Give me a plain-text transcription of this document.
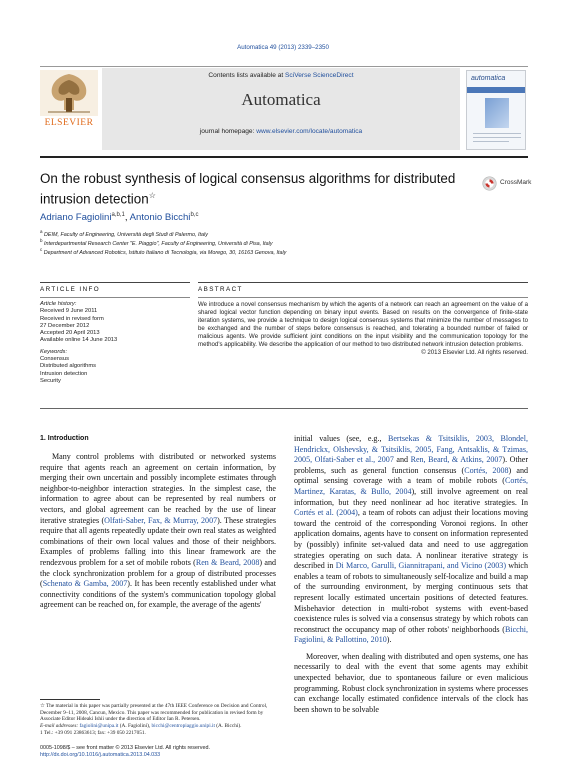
Automatica 49 (2013) 2339–2350
ELSEVIER
Contents lists available at SciVerse ScienceDirect
Automatica
journal homepage: www.elsevier.com/locate/automatica
automatica
On the robust synthesis of logical consensus algorithms for distributed intrusion detection☆
CrossMark
Adriano Fagiolini$^{a,b,1}$, Antonio Bicchi$^{b,c}$
$^a$ DEIM, Faculty of Engineering, Università degli Studi di Palermo, Italy
$^b$ Interdepartmental Research Center "E. Piaggio", Faculty of Engineering, Università di Pisa, Italy
$^c$ Department of Advanced Robotics, Istituto Italiano di Tecnologia, via Morego, 30, 16163 Genova, Italy
ARTICLE INFO	ABSTRACT
Article history:
Received 9 June 2011
Received in revised form
27 December 2012
Accepted 20 April 2013
Available online 14 June 2013
Keywords:
Consensus
Distributed algorithms
Intrusion detection
Security
We introduce a novel consensus mechanism by which the agents of a network can reach an agreement on the value of a shared logical vector function depending on binary input events. Based on results on the convergence of finite-state iteration systems, we provide a technique to design logical consensus systems that minimize the number of messages to be exchanged and the number of steps before consensus is reached, and tolerating a bounded number of failed or malicious agents. We provide sufficient joint conditions on the input visibility and the communication topology for the method's applicability. We describe the application of our method to two distributed network intrusion detection problems.
© 2013 Elsevier Ltd. All rights reserved.
1. Introduction
Many control problems with distributed or networked systems require that agents reach an agreement on certain information, by merging their own uncertain and possibly incomplete estimates through neighbor-to-neighbor interaction strategies. In the simplest case, the information to agree about can be represented by real numbers or vectors, and global agreement can be reached by the use of linear iterative strategies (Olfati-Saber, Fax, & Murray, 2007). These strategies require that all agents repeatedly update their own real states as weighted combinations of their own local values and those of their neighbors. Examples of problems falling into this linear framework are the rendezvous problem for a set of mobile robots (Ren & Beard, 2008) and the clock synchronization problem for a group of distributed processes (Schenato & Gamba, 2007). It has been recently established under what connectivity conditions of the system's communication topology global agreement can be reached on, for example, the average of the agents'
initial values (see, e.g., Bertsekas & Tsitsiklis, 2003, Blondel, Hendrickx, Olshevsky, & Tsitsiklis, 2005, Fang, Antsaklis, & Tzimas, 2005, Olfati-Saber et al., 2007 and Ren, Beard, & Atkins, 2007). Other problems, such as general function consensus (Cortés, 2008) and optimal sensing coverage with a team of mobile robots (Cortés, Martinez, Karatas, & Bullo, 2004), still involve agreement on real information, but they need nonlinear ad hoc iterative strategies. In Cortés et al. (2004), a team of robots can adjust their locations moving toward the centroid of the corresponding Voronoi regions. In other application domains, agents have to consent on information represented by (possibly) infinite set-valued data and need to use aggregation strategies operating on such data. A nonlinear iterative strategy is described in Di Marco, Garulli, Giannitrapani, and Vicino (2003) which enables a team of robots to simultaneously self-localize and build a map of the surrounding environment, by merging continuous sets that represent locally estimated uncertain positions of detected features. Misbehavior detection in multi-robot systems with event-based coexistence rules is solved via a consensus strategy by which robots can reconstruct the occupancy map of other robots' neighborhoods (Bicchi, Fagiolini, & Pallottino, 2010).
Moreover, when dealing with distributed and open systems, one has necessarily to deal with the event that some agents may exhibit unexpected behavior, due to spontaneous failure or even malicious programming. Robust clock synchronization in systems where processes can exchange locally estimated confidence intervals of the clock has been shown to be solvable
☆ The material in this paper was partially presented at the 47th IEEE Conference on Decision and Control, December 9–11, 2008, Cancun, Mexico. This paper was recommended for publication in revised form by Associate Editor Hideaki Ishii under the direction of Editor Ian R. Petersen.
E-mail addresses: fagiolini@unipa.it (A. Fagiolini), bicchi@centropiaggio.unipi.it (A. Bicchi).
1 Tel.: +39 091 23863613; fax: +39 050 2217051.
0005-1098/$ – see front matter © 2013 Elsevier Ltd. All rights reserved.
http://dx.doi.org/10.1016/j.automatica.2013.04.033
